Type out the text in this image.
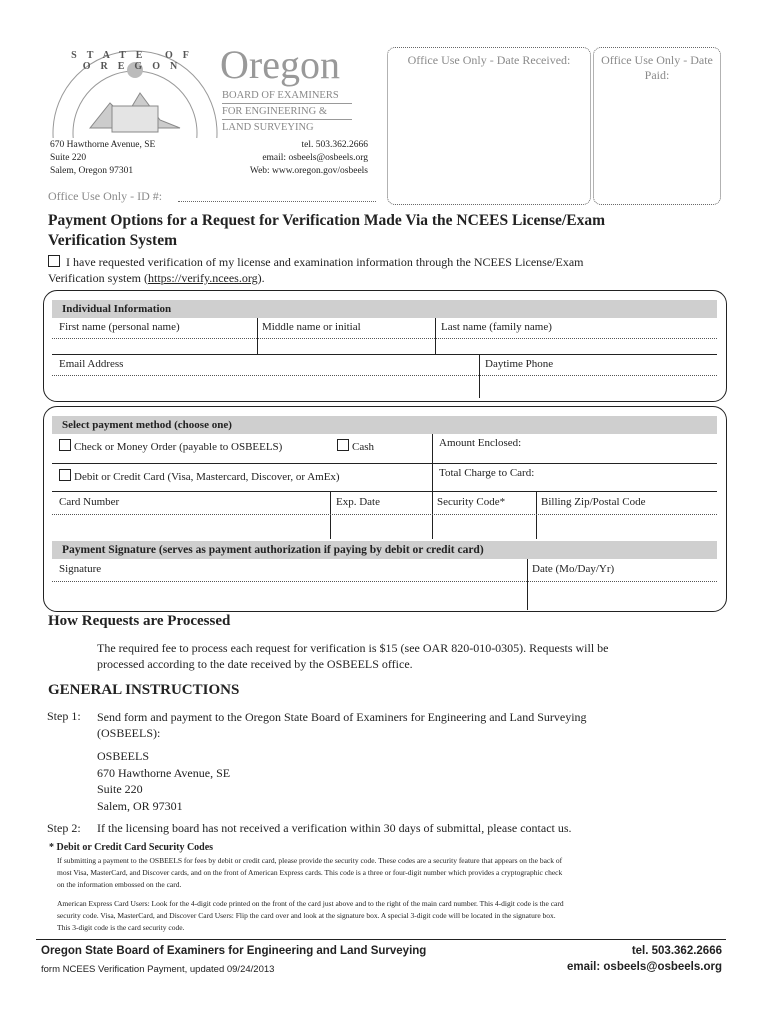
STATE OF OREGON Oregon
BOARD OF EXAMINERS
FOR ENGINEERING &
LAND SURVEYING
670 Hawthorne Avenue, SE
Suite 220
Salem, Oregon 97301
tel. 503.362.2666
email: osbeels@osbeels.org
Web: www.oregon.gov/osbeels
Office Use Only - Date Received:	Office Use Only - Date Paid:
Office Use Only - ID #:
Payment Options for a Request for Verification Made Via the NCEES License/Exam
Verification System
I have requested verification of my license and examination information through the NCEES License/Exam
Verification system (https://verify.ncees.org).
Individual Information
First name (personal name)	Middle name or initial	Last name (family name)
Email Address	Daytime Phone
Select payment method (choose one)
Check or Money Order (payable to OSBEELS)	Cash	Amount Enclosed:
Debit or Credit Card (Visa, Mastercard, Discover, or AmEx)	Total Charge to Card:
Card Number	Exp. Date	Security Code*	Billing Zip/Postal Code
Payment Signature (serves as payment authorization if paying by debit or credit card)
Signature	Date (Mo/Day/Yr)
How Requests are Processed
The required fee to process each request for verification is $15 (see OAR 820-010-0305). Requests will be
processed according to the date received by the OSBEELS office.
GENERAL INSTRUCTIONS
Step 1: Send form and payment to the Oregon State Board of Examiners for Engineering and Land Surveying
(OSBEELS):
OSBEELS
670 Hawthorne Avenue, SE
Suite 220
Salem, OR 97301
Step 2: If the licensing board has not received a verification within 30 days of submittal, please contact us.
* Debit or Credit Card Security Codes
If submitting a payment to the OSBEELS for fees by debit or credit card, please provide the security code. These codes are a security feature that appears on the back of
most Visa, MasterCard, and Discover cards, and on the front of American Express cards. This code is a three or four-digit number which provides a cryptographic check
on the information embossed on the card.
American Express Card Users: Look for the 4-digit code printed on the front of the card just above and to the right of the main card number. This 4-digit code is the card
security code. Visa, MasterCard, and Discover Card Users: Flip the card over and look at the signature box. A special 3-digit code will be located in the signature box.
This 3-digit code is the card security code.
Oregon State Board of Examiners for Engineering and Land Surveying
form NCEES Verification Payment, updated 09/24/2013
tel. 503.362.2666
email: osbeels@osbeels.org
